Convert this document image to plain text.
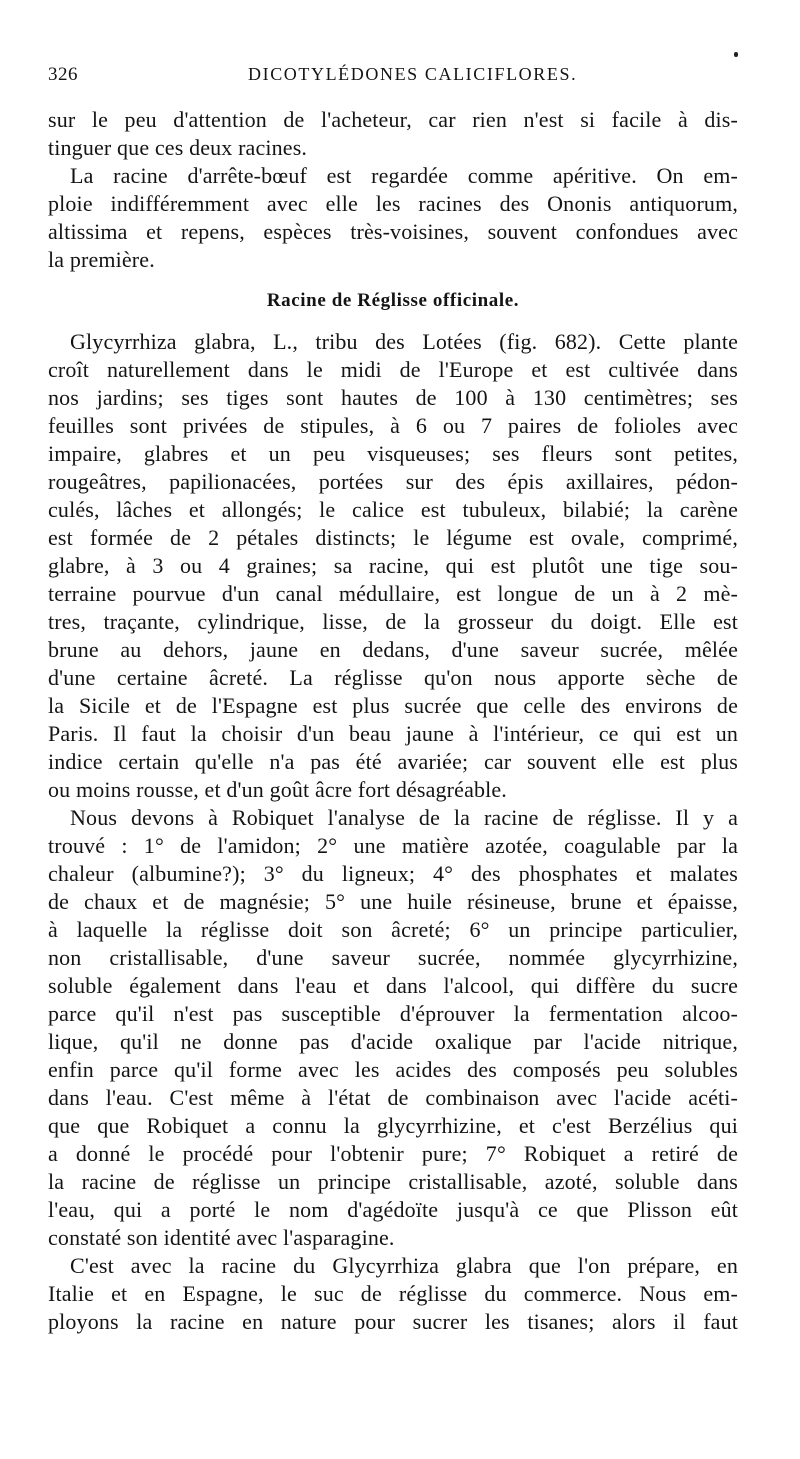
326	DICOTYLÉDONES CALICIFLORES.
sur le peu d'attention de l'acheteur, car rien n'est si facile à dis-
tinguer que ces deux racines.
La racine d'arrête-bœuf est regardée comme apéritive. On em-
ploie indifféremment avec elle les racines des Ononis antiquorum,
altissima et repens, espèces très-voisines, souvent confondues avec
la première.
Glycyrrhiza glabra, L., tribu des Lotées (fig. 682). Cette plante
croît naturellement dans le midi de l'Europe et est cultivée dans
nos jardins; ses tiges sont hautes de 100 à 130 centimètres; ses
feuilles sont privées de stipules, à 6 ou 7 paires de folioles avec
impaire, glabres et un peu visqueuses; ses fleurs sont petites,
rougeâtres, papilionacées, portées sur des épis axillaires, pédon-
culés, lâches et allongés; le calice est tubuleux, bilabié; la carène
est formée de 2 pétales distincts; le légume est ovale, comprimé,
glabre, à 3 ou 4 graines; sa racine, qui est plutôt une tige sou-
terraine pourvue d'un canal médullaire, est longue de un à 2 mè-
tres, traçante, cylindrique, lisse, de la grosseur du doigt. Elle est
brune au dehors, jaune en dedans, d'une saveur sucrée, mêlée
d'une certaine âcreté. La réglisse qu'on nous apporte sèche de
la Sicile et de l'Espagne est plus sucrée que celle des environs de
Paris. Il faut la choisir d'un beau jaune à l'intérieur, ce qui est un
indice certain qu'elle n'a pas été avariée; car souvent elle est plus
ou moins rousse, et d'un goût âcre fort désagréable.
Nous devons à Robiquet l'analyse de la racine de réglisse. Il y a
trouvé : 1° de l'amidon; 2° une matière azotée, coagulable par la
chaleur (albumine?); 3° du ligneux; 4° des phosphates et malates
de chaux et de magnésie; 5° une huile résineuse, brune et épaisse,
à laquelle la réglisse doit son âcreté; 6° un principe particulier,
non cristallisable, d'une saveur sucrée, nommée glycyrrhizine,
soluble également dans l'eau et dans l'alcool, qui diffère du sucre
parce qu'il n'est pas susceptible d'éprouver la fermentation alcoo-
lique, qu'il ne donne pas d'acide oxalique par l'acide nitrique,
enfin parce qu'il forme avec les acides des composés peu solubles
dans l'eau. C'est même à l'état de combinaison avec l'acide acéti-
que que Robiquet a connu la glycyrrhizine, et c'est Berzélius qui
a donné le procédé pour l'obtenir pure; 7° Robiquet a retiré de
la racine de réglisse un principe cristallisable, azoté, soluble dans
l'eau, qui a porté le nom d'agédoïte jusqu'à ce que Plisson eût
constaté son identité avec l'asparagine.
C'est avec la racine du Glycyrrhiza glabra que l'on prépare, en
Italie et en Espagne, le suc de réglisse du commerce. Nous em-
ployons la racine en nature pour sucrer les tisanes; alors il faut
Racine de Réglisse officinale.
